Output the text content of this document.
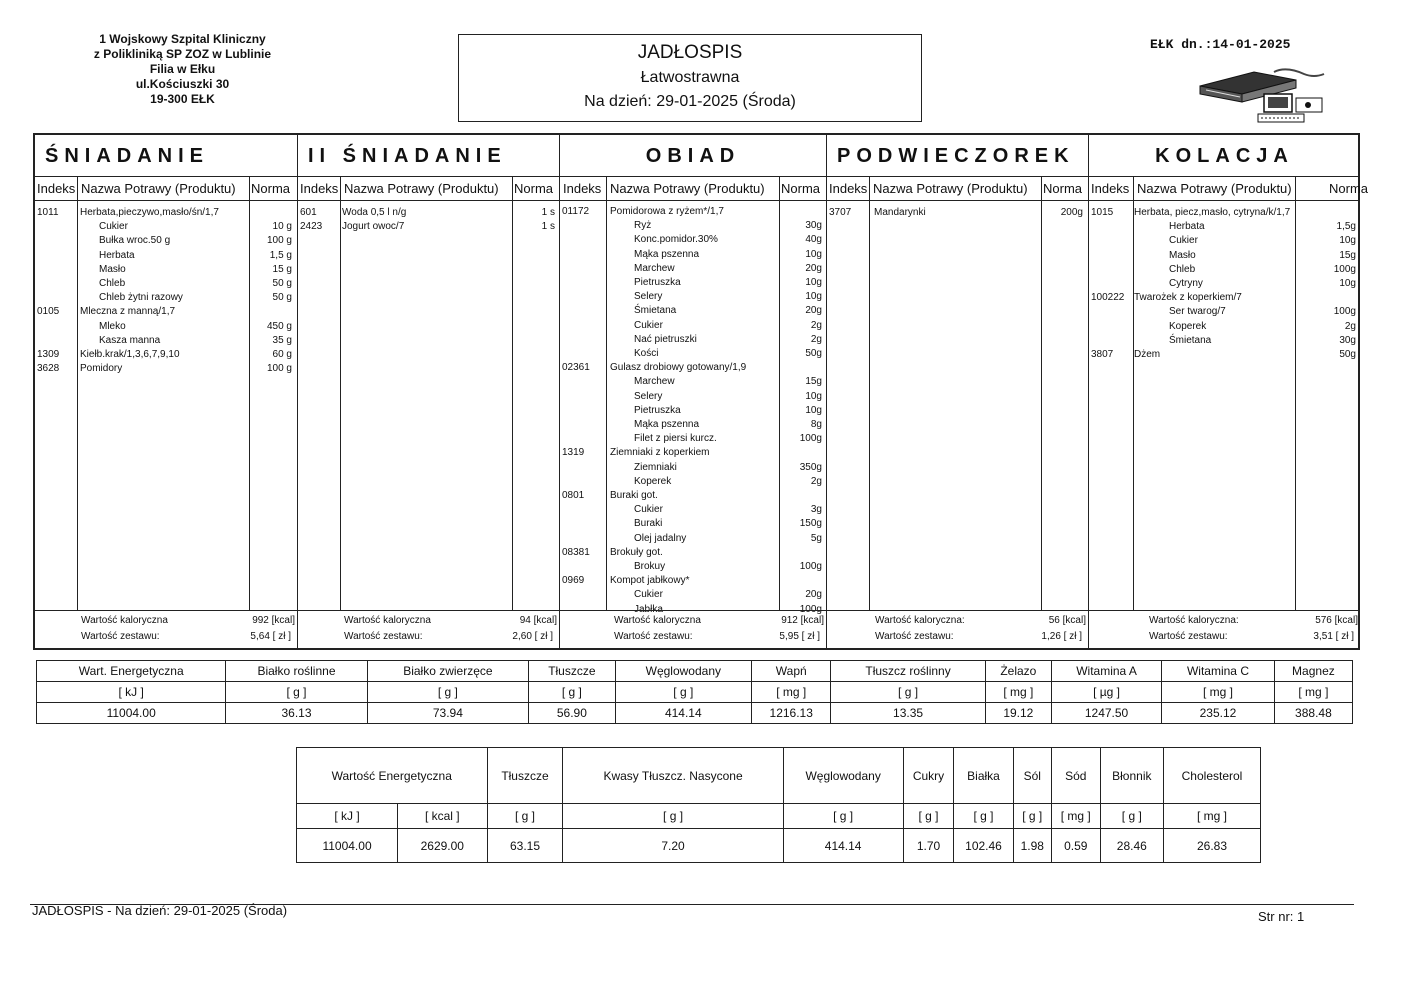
1 Wojskowy Szpital Kliniczny
z Polikliniką SP ZOZ w Lublinie
Filia w Ełku
ul.Kościuszki 30
19-300 EŁK
JADŁOSPIS
Łatwostrawna
Na dzień: 29-01-2025 (Środa)
EŁK dn.:14-01-2025
ŚNIADANIE
Indeks Nazwa Potrawy (Produktu) Norma
1011 Herbata,pieczywo,masło/śn/1,7
Cukier	10 g
Bułka wroc.50 g	100 g
Herbata	1,5 g
Masło	15 g
Chleb	50 g
Chleb żytni razowy	50 g
0105 Mleczna z manną/1,7
Mleko	450 g
Kasza manna	35 g
1309 Kiełb.krak/1,3,6,7,9,10	60 g
3628 Pomidory	100 g
Wartość kaloryczna	992 [kcal]
Wartość zestawu:	5,64 [ zł ]
II ŚNIADANIE
Indeks Nazwa Potrawy (Produktu) Norma
601	Woda 0,5 l n/g	1 s
2423 Jogurt owoc/7	1 s
Wartość kaloryczna	94 [kcal]
Wartość zestawu:	2,60 [ zł ]
OBIAD
Indeks Nazwa Potrawy (Produktu) Norma
01172 Pomidorowa z ryżem*/1,7
Ryż	30g
Konc.pomidor.30%	40g
Mąka pszenna	10g
Marchew	20g
Pietruszka	10g
Selery	10g
Śmietana	20g
Cukier	2g
Nać pietruszki	2g
Kości	50g
02361 Gulasz drobiowy gotowany/1,9
Marchew	15g
Selery	10g
Pietruszka	10g
Mąka pszenna	8g
Filet z piersi kurcz.	100g
1319	Ziemniaki z koperkiem
Ziemniaki	350g
Koperek	2g
0801	Buraki got.
Cukier	3g
Buraki	150g
Olej jadalny	5g
08381 Brokuły got.
Brokuy	100g
0969	Kompot jabłkowy*
Cukier	20g
Jabłka	100g
Wartość kaloryczna	912 [kcal]
Wartość zestawu:	5,95 [ zł ]
PODWIECZOREK
Indeks Nazwa Potrawy (Produktu) Norma
3707 Mandarynki	200g
Wartość kaloryczna:	56 [kcal]
Wartość zestawu:	1,26 [ zł ]
KOLACJA
Indeks Nazwa Potrawy (Produktu)	Norma
1015 Herbata, piecz,masło, cytryna/k/1,7
Herbata	1,5g
Cukier	10g
Masło	15g
Chleb	100g
Cytryny	10g
100222 Twarożek z koperkiem/7
Ser twarog/7	100g
Koperek	2g
Śmietana	30g
3807 Dżem	50g
Wartość kaloryczna:	576 [kcal]
Wartość zestawu:	3,51 [ zł ]
Wart. Energetyczna	Białko roślinne	Białko zwierzęce	Tłuszcze	Węglowodany	Wapń	Tłuszcz roślinny	Żelazo	Witamina A	Witamina C	Magnez
[ kJ ]	[ g ]	[ g ]	[ g ]	[ g ]	[ mg ]	[ g ]	[ mg ]	[ µg ]	[ mg ]	[ mg ]
11004.00	36.13	73.94	56.90	414.14	1216.13	13.35	19.12	1247.50	235.12	388.48
Wartość Energetyczna		Tłuszcze	Kwasy Tłuszcz. Nasycone	Węglowodany	Cukry	Białka	Sól	Sód	Błonnik	Cholesterol
[ kJ ]	[ kcal ]	[ g ]	[ g ]	[ g ]	[ g ]	[ g ]	[ g ]	[ mg ]	[ g ]	[ mg ]
11004.00	2629.00	63.15	7.20	414.14	1.70	102.46	1.98	0.59	28.46	26.83
JADŁOSPIS - Na dzień: 29-01-2025 (Środa)	Str nr: 1
